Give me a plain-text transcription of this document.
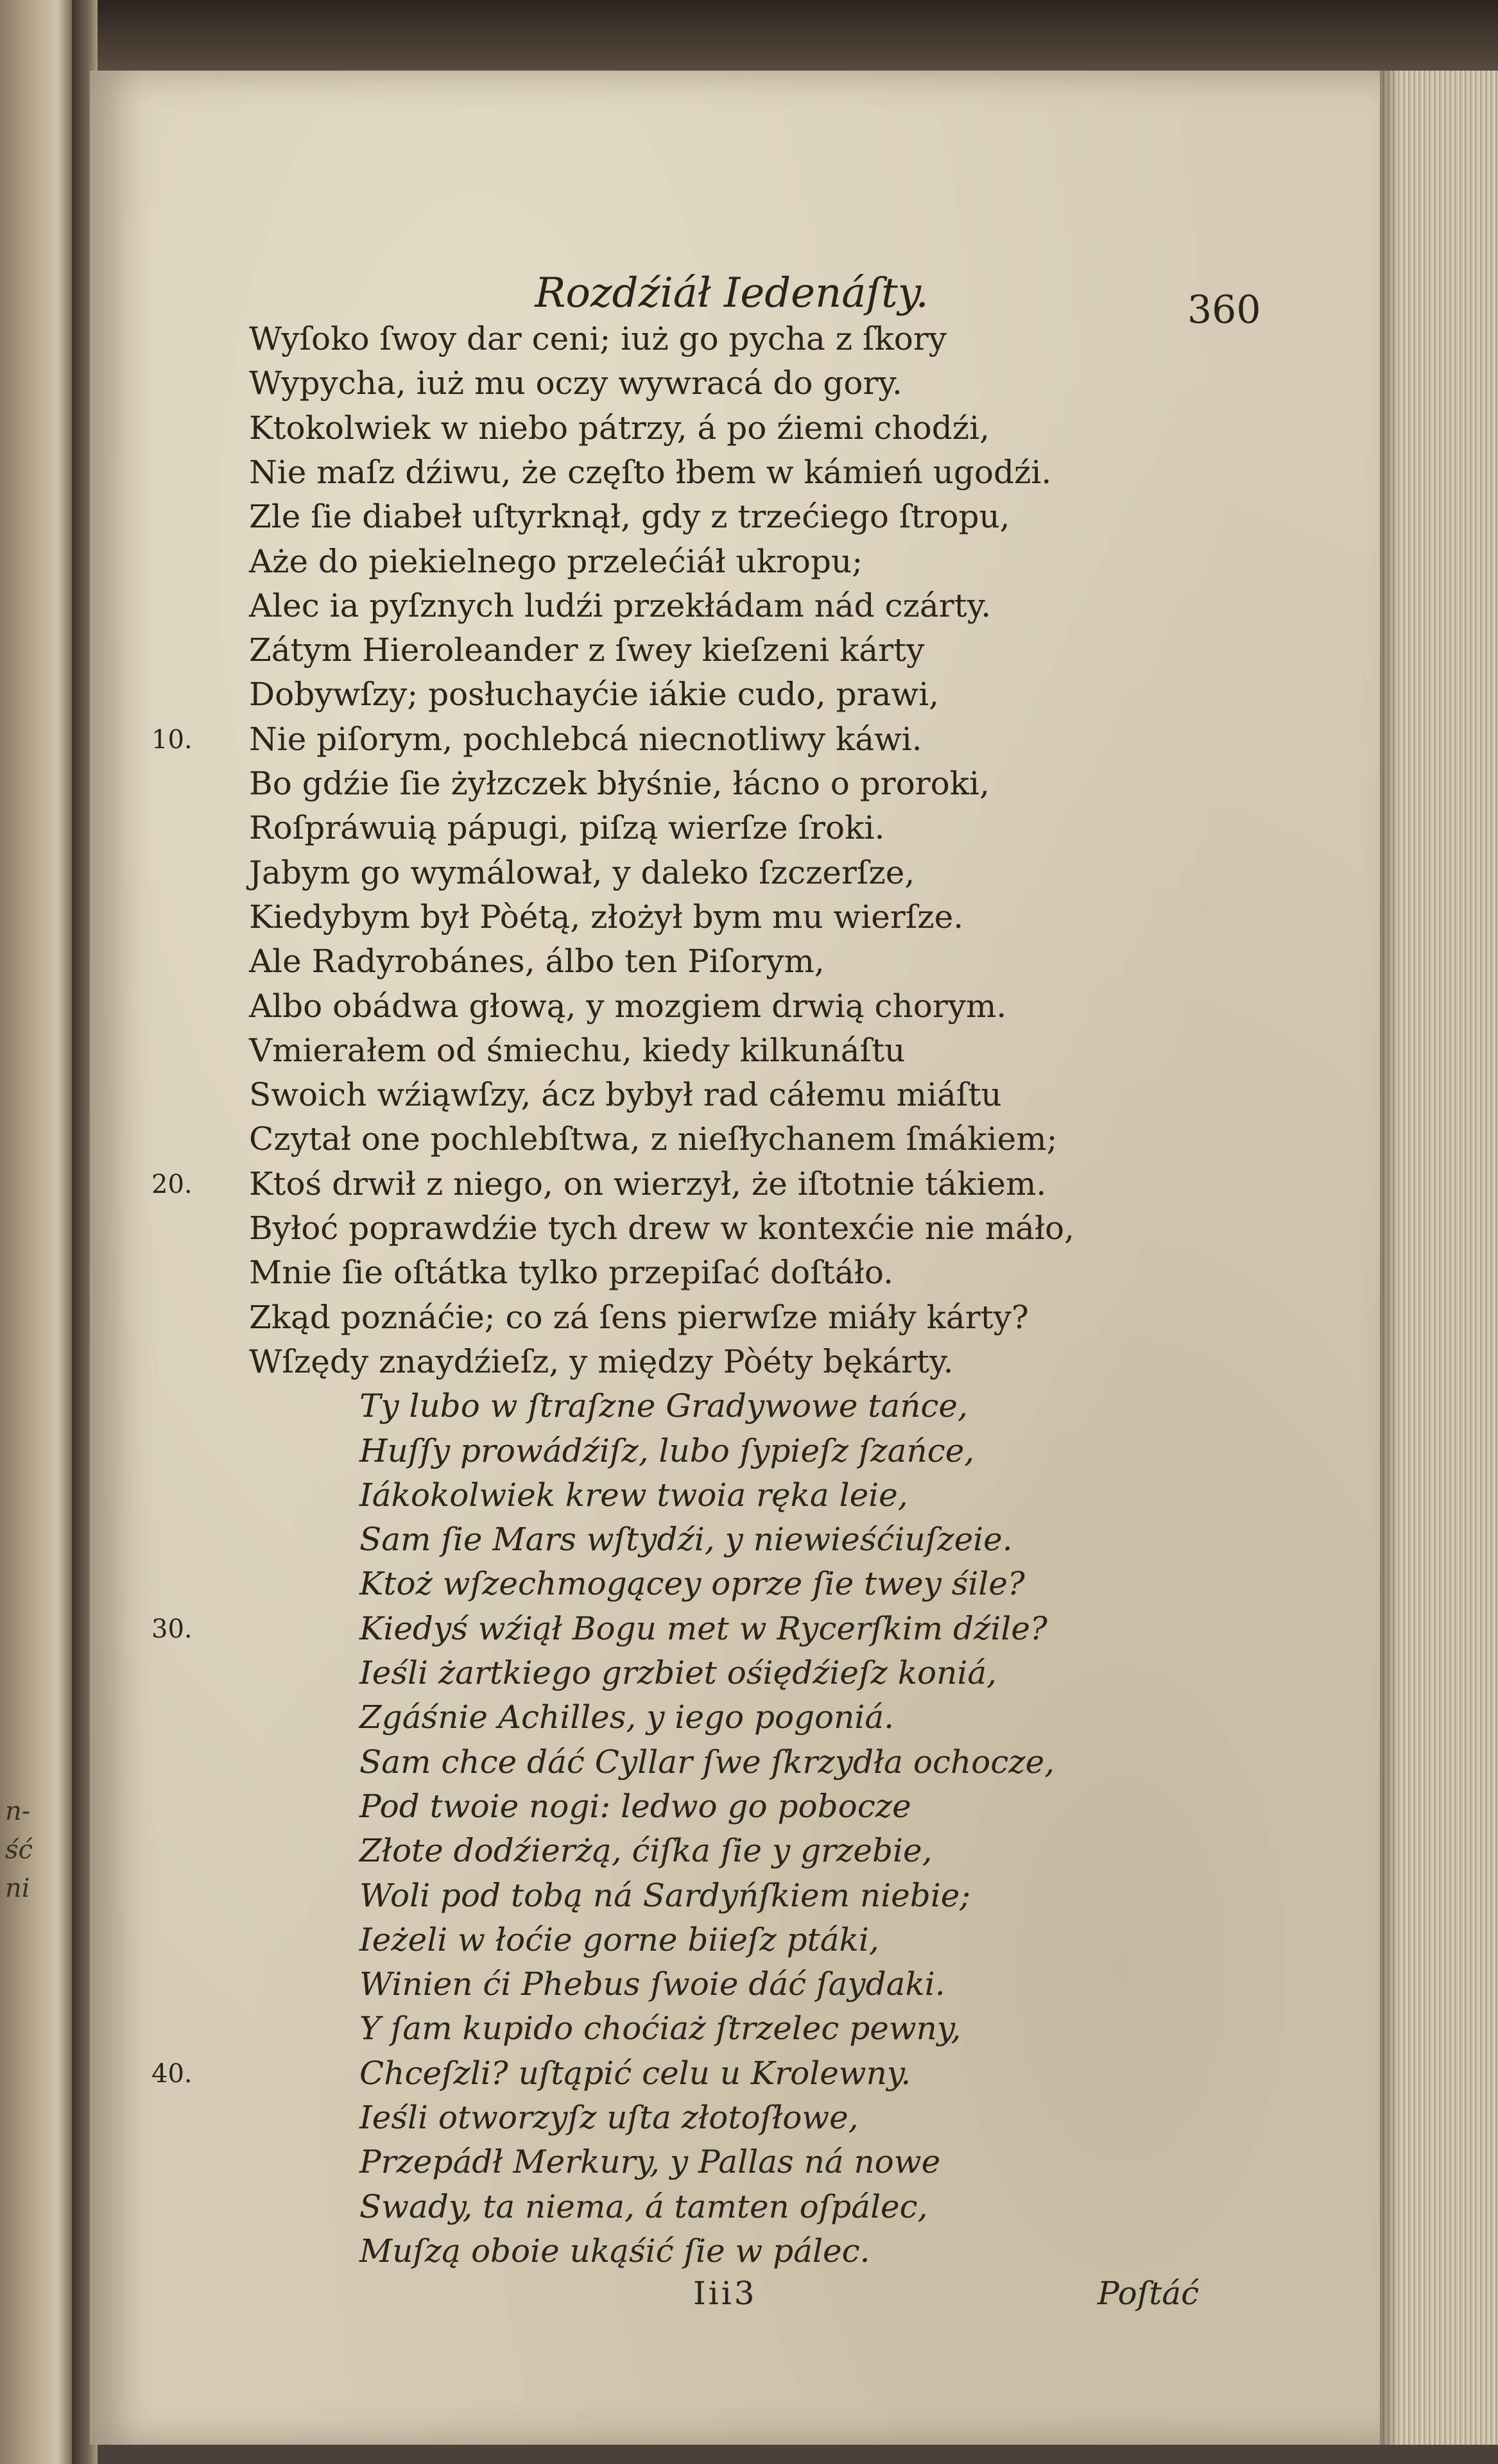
n-
ść
ni
Rozdźiáł Iedenáſty.	360
Wyſoko ſwoy dar ceni; iuż go pycha z ſkory
Wypycha, iuż mu oczy wywracá do gory.
Ktokolwiek w niebo pátrzy, á po źiemi chodźi,
Nie maſz dźiwu, że częſto łbem w kámień ugodźi.
Zle ſie diabeł uſtyrknął, gdy z trzećiego ſtropu,
Aże do piekielnego przelećiáł ukropu;
Alec ia pyſznych ludźi przekłádam nád czárty.
Zátym Hieroleander z ſwey kieſzeni kárty
Dobywſzy; posłuchayćie iákie cudo, prawi,
Nie piſorym, pochlebcá niecnotliwy káwi.
Bo gdźie ſie żyłzczek błyśnie, łácno o proroki,
Roſpráwuią pápugi, piſzą wierſze ſroki.
Jabym go wymálował, y daleko ſzczerſze,
Kiedybym był Pòétą, złożył bym mu wierſze.
Ale Radyrobánes, álbo ten Piſorym,
Albo obádwa głową, y mozgiem drwią chorym.
Vmierałem od śmiechu, kiedy kilkunáſtu
Swoich wźiąwſzy, ácz bybył rad cáłemu miáſtu
Czytał one pochlebſtwa, z nieſłychanem ſmákiem;
Ktoś drwił z niego, on wierzył, że iſtotnie tákiem.
Byłoć poprawdźie tych drew w kontexćie nie máło,
Mnie ſie oſtátka tylko przepiſać doſtáło.
Zkąd poznáćie; co zá ſens pierwſze miáły kárty?
Wſzędy znaydźieſz, y między Pòéty bękárty.
Ty lubo w ſtraſzne Gradywowe tańce,
Huſſy prowádźiſz, lubo ſypieſz ſzańce,
Iákokolwiek krew twoia ręka leie,
Sam ſie Mars wſtydźi, y niewieśćiuſzeie.
Ktoż wſzechmogącey oprze ſie twey śile?
Kiedyś wźiął Bogu met w Rycerſkim dźile?
Ieśli żartkiego grzbiet ośiędźieſz koniá,
Zgáśnie Achilles, y iego pogoniá.
Sam chce dáć Cyllar ſwe ſkrzydła ochocze,
Pod twoie nogi: ledwo go pobocze
Złote dodźierżą, ćiſka ſie y grzebie,
Woli pod tobą ná Sardyńſkiem niebie;
Ieżeli w łoćie gorne biieſz ptáki,
Winien ći Phebus ſwoie dáć ſaydaki.
Y ſam kupido choćiaż ſtrzelec pewny,
Chceſzli? uſtąpić celu u Krolewny.
Ieśli otworzyſz uſta złotoſłowe,
Przepádł Merkury, y Pallas ná nowe
Swady, ta niema, á tamten oſpálec,
Muſzą oboie ukąśić ſie w pálec.
10.
20.
30.
40.
Iii3	Poſtáć
